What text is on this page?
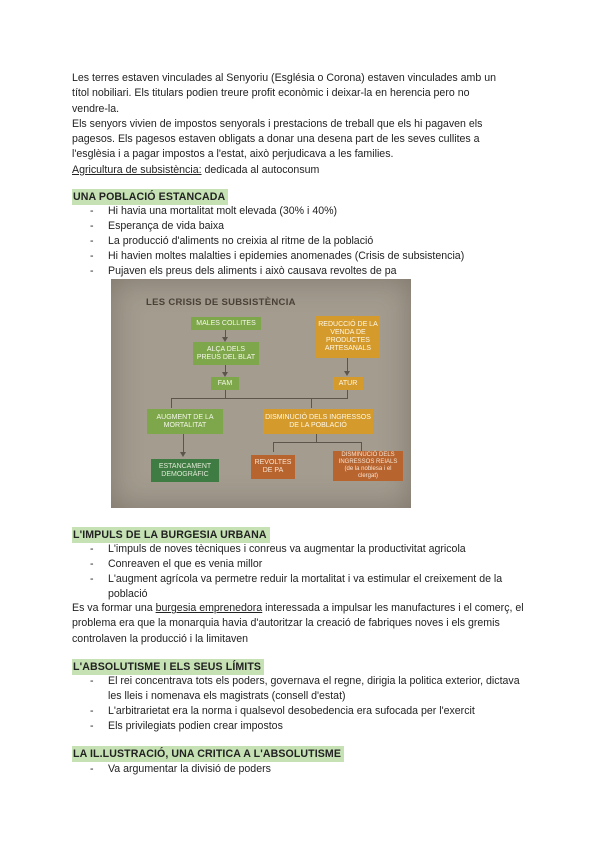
Les terres estaven vinculades al Senyoriu (Església o Corona) estaven vinculades amb un
títol nobiliari. Els titulars podien treure profit econòmic i deixar-la en herencia pero no
vendre-la.
Els senyors vivien de impostos senyorals i prestacions de treball que els hi pagaven els
pagesos. Els pagesos estaven obligats a donar una desena part de les seves cullites a
l'esglèsia i a pagar impostos a l'estat, això perjudicava a les families.
Agricultura de subsistència: dedicada al autoconsum
UNA POBLACIÓ ESTANCADA
- Hi havia una mortalitat molt elevada (30% i 40%)
- Esperança de vida baixa
- La producció d'aliments no creixia al ritme de la població
- Hi havien moltes malalties i epidemies anomenades (Crisis de subsistencia)
- Pujaven els preus dels aliments i això causava revoltes de pa
LES CRISIS DE SUBSISTÈNCIA
MALES COLLITES
ALÇA DELS PREUS DEL BLAT
FAM
REDUCCIÓ DE LA VENDA DE PRODUCTES ARTESANALS
ATUR
AUGMENT DE LA MORTALITAT
DISMINUCIÓ DELS INGRESSOS DE LA POBLACIÓ
ESTANCAMENT DEMOGRÀFIC
REVOLTES DE PA
DISMINUCIÓ DELS INGRESSOS REIALS (de la noblesa i el clergat)
L'IMPULS DE LA BURGESIA URBANA
- L'impuls de noves tècniques i conreus va augmentar la productivitat agricola
- Conreaven el que es venia millor
- L'augment agrícola va permetre reduir la mortalitat i va estimular el creixement de la població
Es va formar una burgesia emprenedora interessada a impulsar les manufactures i el comerç, el problema era que la monarquia havia d'autoritzar la creació de fabriques noves i els gremis controlaven la producció i la limitaven
L'ABSOLUTISME I ELS SEUS LÍMITS
- El rei concentrava tots els poders, governava el regne, dirigia la politica exterior, dictava les lleis i nomenava els magistrats (consell d'estat)
- L'arbitrarietat era la norma i qualsevol desobedencia era sufocada per l'exercit
- Els privilegiats podien crear impostos
LA IL.LUSTRACIÓ, UNA CRITICA A L'ABSOLUTISME
- Va argumentar la divisió de poders
